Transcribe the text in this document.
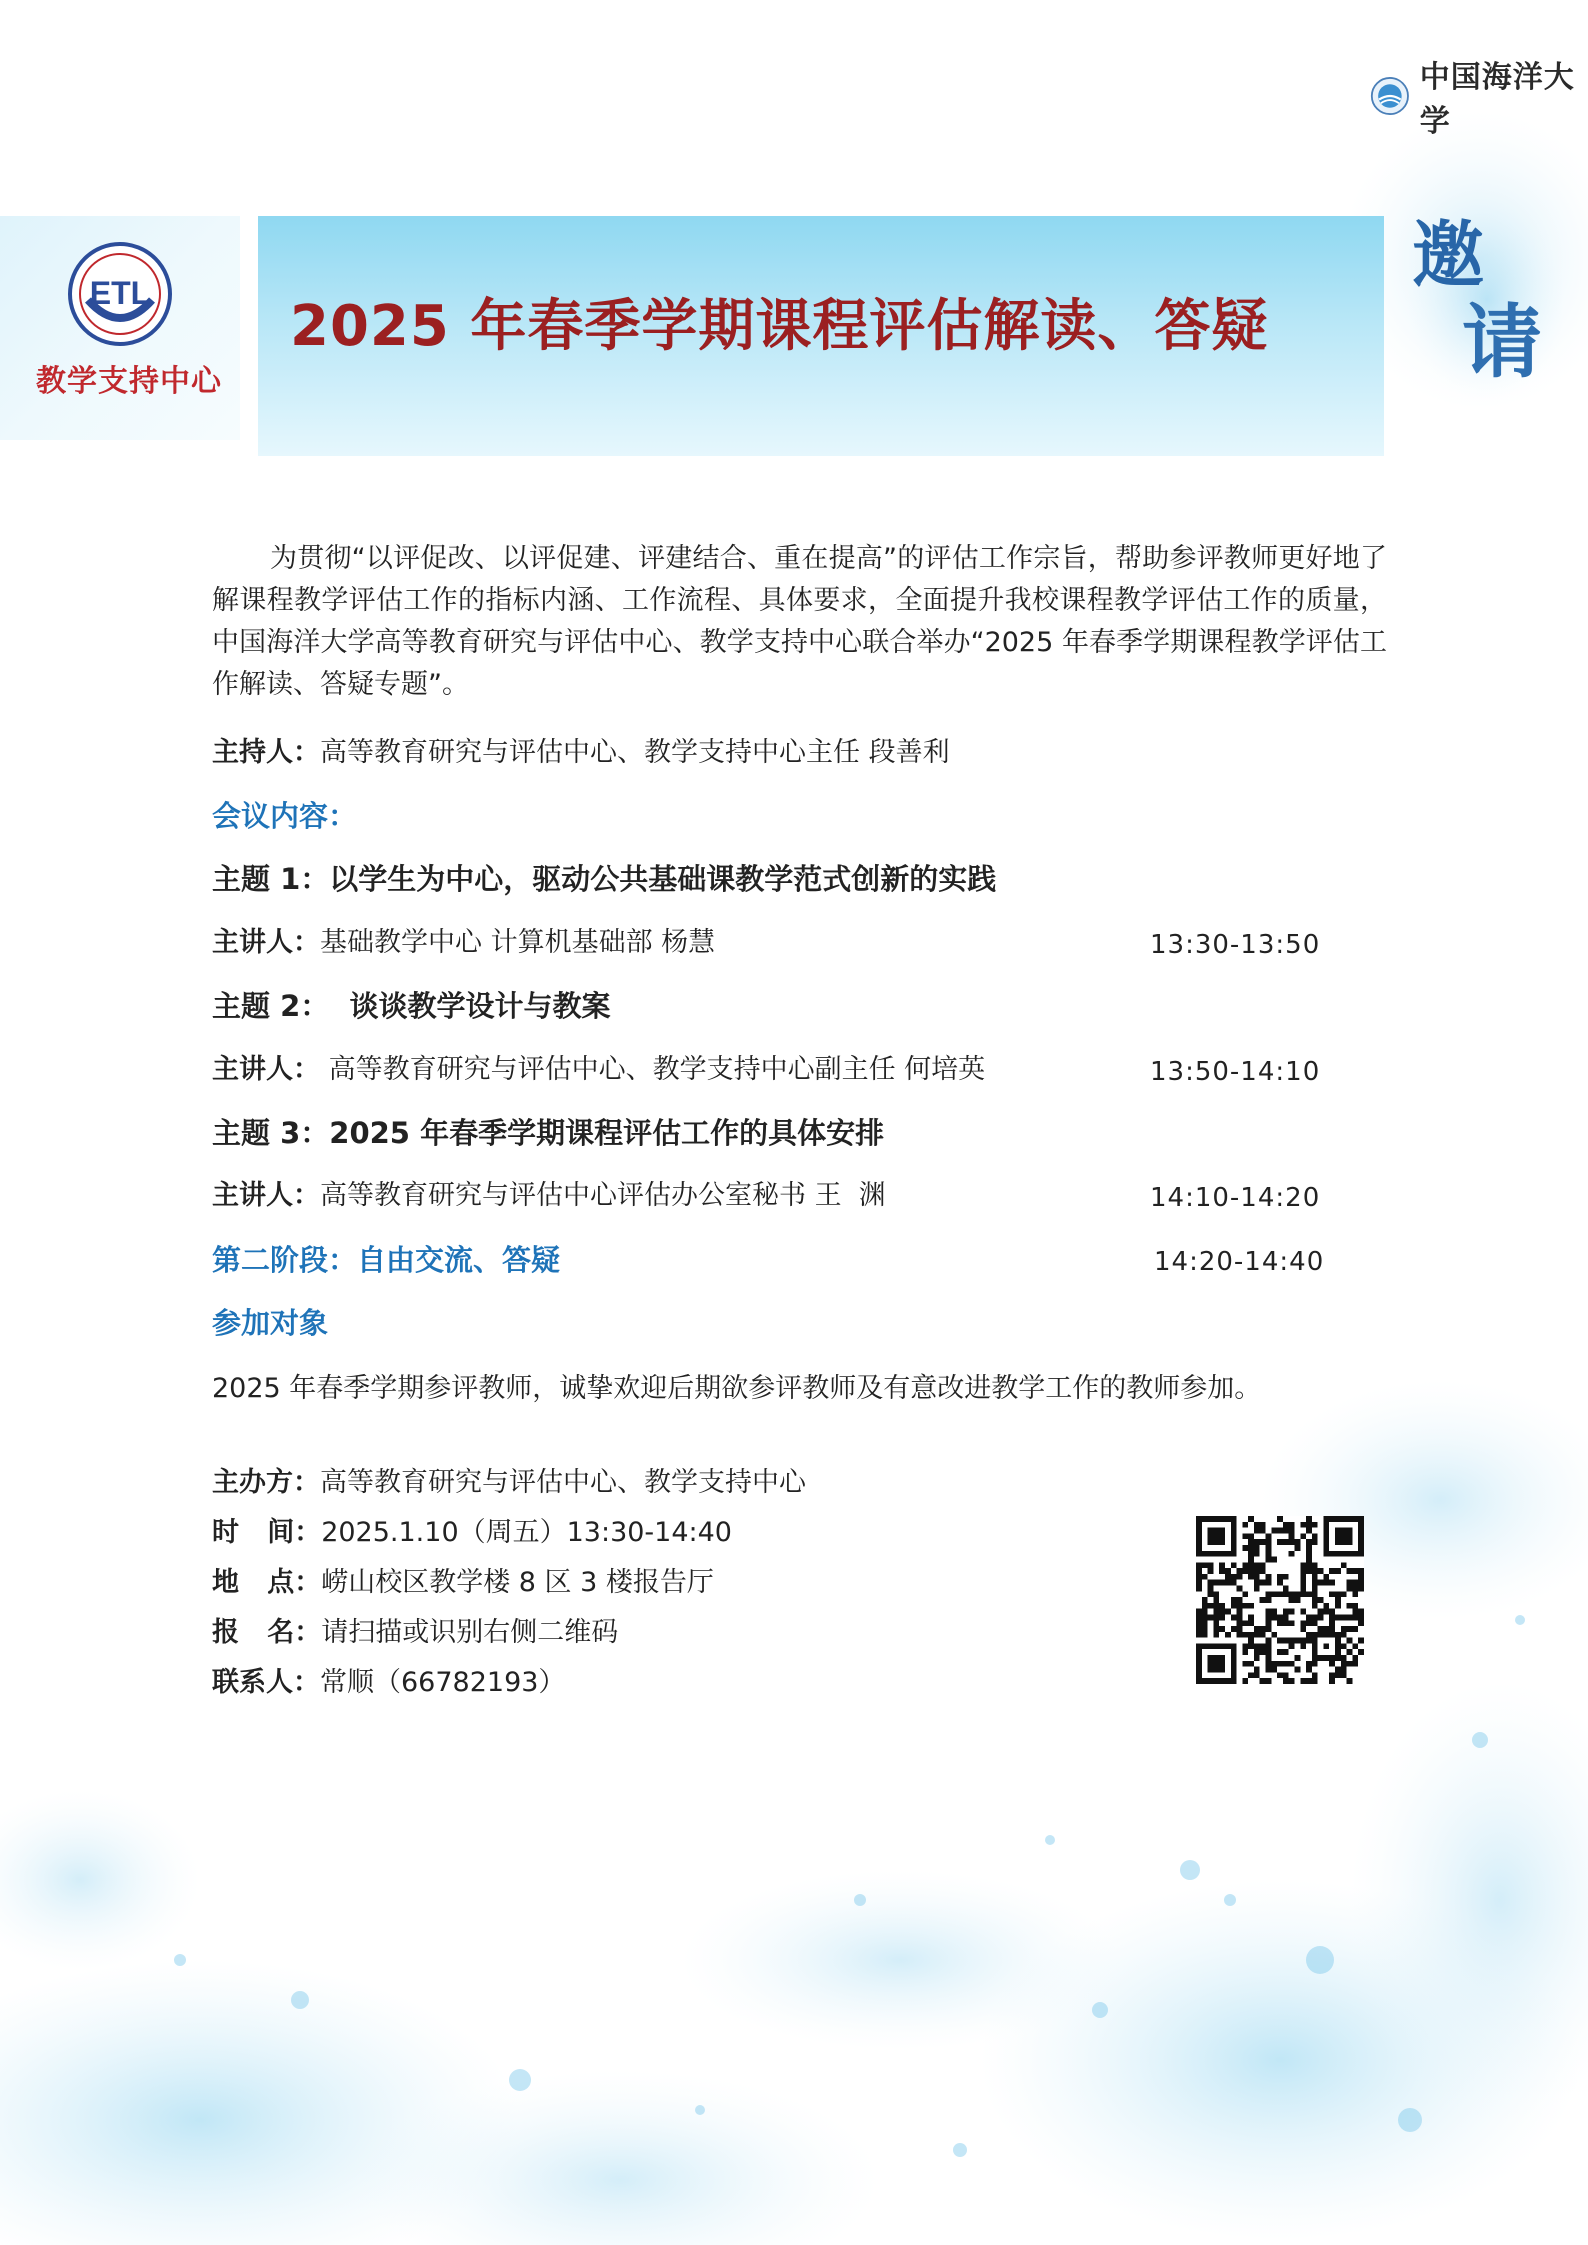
中国海洋大学
ETL
教学支持中心
2025 年春季学期课程评估解读、答疑
邀
请
为贯彻“以评促改、以评促建、评建结合、重在提高”的评估工作宗旨，帮助参评教师更好地了解课程教学评估工作的指标内涵、工作流程、具体要求，全面提升我校课程教学评估工作的质量，中国海洋大学高等教育研究与评估中心、教学支持中心联合举办“2025 年春季学期课程教学评估工作解读、答疑专题”。
主持人：高等教育研究与评估中心、教学支持中心主任 段善利
会议内容：
主题 1：以学生为中心，驱动公共基础课教学范式创新的实践
主讲人：基础教学中心 计算机基础部 杨慧	13:30-13:50
主题 2：  谈谈教学设计与教案
主讲人： 高等教育研究与评估中心、教学支持中心副主任 何培英	13:50-14:10
主题 3：2025 年春季学期课程评估工作的具体安排
主讲人：高等教育研究与评估中心评估办公室秘书 王  渊	14:10-14:20
第二阶段：自由交流、答疑	14:20-14:40
参加对象
2025 年春季学期参评教师，诚挚欢迎后期欲参评教师及有意改进教学工作的教师参加。
主办方：高等教育研究与评估中心、教学支持中心
时   间：2025.1.10（周五）13:30-14:40
地   点：崂山校区教学楼 8 区 3 楼报告厅
报   名：请扫描或识别右侧二维码
联系人：常顺（66782193）
